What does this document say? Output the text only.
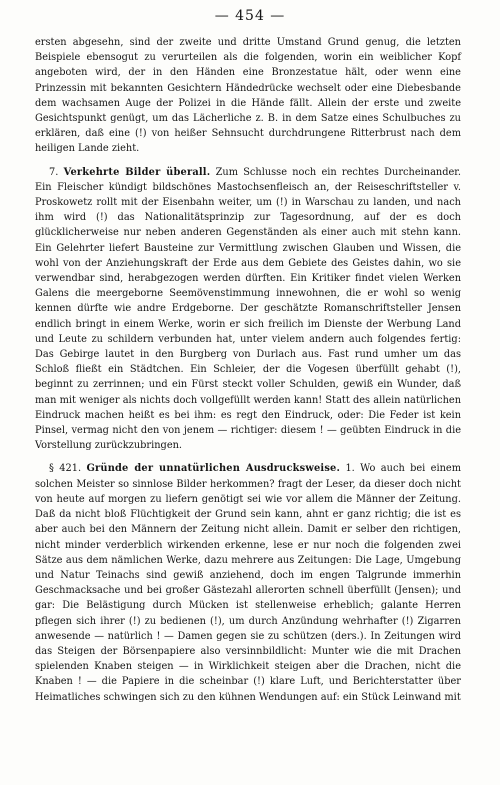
— 454 —

ersten abgesehn, sind der zweite und dritte Umstand Grund genug, die letzten Beispiele ebensogut zu verurteilen als die folgenden, worin ein weiblicher Kopf angeboten wird, der in den Händen eine Bronzestatue hält, oder wenn eine Prinzessin mit bekannten Gesichtern Händedrücke wechselt oder eine Diebesbande dem wachsamen Auge der Polizei in die Hände fällt. Allein der erste und zweite Gesichtspunkt genügt, um das Lächerliche z. B. in dem Satze eines Schulbuches zu erklären, daß eine (!) von heißer Sehnsucht durchdrungene Ritterbrust nach dem heiligen Lande zieht.

7. Verkehrte Bilder überall. Zum Schlusse noch ein rechtes Durcheinander. Ein Fleischer kündigt bildschönes Mastochsenfleisch an, der Reiseschriftsteller v. Proskowetz rollt mit der Eisenbahn weiter, um (!) in Warschau zu landen, und nach ihm wird (!) das Nationalitätsprinzip zur Tagesordnung, auf der es doch glücklicherweise nur neben anderen Gegenständen als einer auch mit stehn kann. Ein Gelehrter liefert Bausteine zur Vermittlung zwischen Glauben und Wissen, die wohl von der Anziehungskraft der Erde aus dem Gebiete des Geistes dahin, wo sie verwendbar sind, herabgezogen werden dürften. Ein Kritiker findet vielen Werken Galens die meergeborne Seemövenstimmung innewohnen, die er wohl so wenig kennen dürfte wie andre Erdgeborne. Der geschätzte Romanschriftsteller Jensen endlich bringt in einem Werke, worin er sich freilich im Dienste der Werbung Land und Leute zu schildern verbunden hat, unter vielem andern auch folgendes fertig: Das Gebirge lautet in den Burgberg von Durlach aus. Fast rund umher um das Schloß fließt ein Städtchen. Ein Schleier, der die Vogesen überfüllt gehabt (!), beginnt zu zerrinnen; und ein Fürst steckt voller Schulden, gewiß ein Wunder, daß man mit weniger als nichts doch vollgefüllt werden kann! Statt des allein natürlichen Eindruck machen heißt es bei ihm: es regt den Eindruck, oder: Die Feder ist kein Pinsel, vermag nicht den von jenem — richtiger: diesem ! — geübten Eindruck in die Vorstellung zurückzubringen.

§ 421. Gründe der unnatürlichen Ausdrucksweise. 1. Wo auch bei einem solchen Meister so sinnlose Bilder herkommen? fragt der Leser, da dieser doch nicht von heute auf morgen zu liefern genötigt sei wie vor allem die Männer der Zeitung. Daß da nicht bloß Flüchtigkeit der Grund sein kann, ahnt er ganz richtig; die ist es aber auch bei den Männern der Zeitung nicht allein. Damit er selber den richtigen, nicht minder verderblich wirkenden erkenne, lese er nur noch die folgenden zwei Sätze aus dem nämlichen Werke, dazu mehrere aus Zeitungen: Die Lage, Umgebung und Natur Teinachs sind gewiß anziehend, doch im engen Talgrunde immerhin Geschmacksache und bei großer Gästezahl allerorten schnell überfüllt (Jensen); und gar: Die Belästigung durch Mücken ist stellenweise erheblich; galante Herren pflegen sich ihrer (!) zu bedienen (!), um durch Anzündung wehrhafter (!) Zigarren anwesende — natürlich ! — Damen gegen sie zu schützen (ders.). In Zeitungen wird das Steigen der Börsenpapiere also versinnbildlicht: Munter wie die mit Drachen spielenden Knaben steigen — in Wirklichkeit steigen aber die Drachen, nicht die Knaben ! — die Papiere in die scheinbar (!) klare Luft, und Berichterstatter über Heimatliches schwingen sich zu den kühnen Wendungen auf: ein Stück Leinwand mit
